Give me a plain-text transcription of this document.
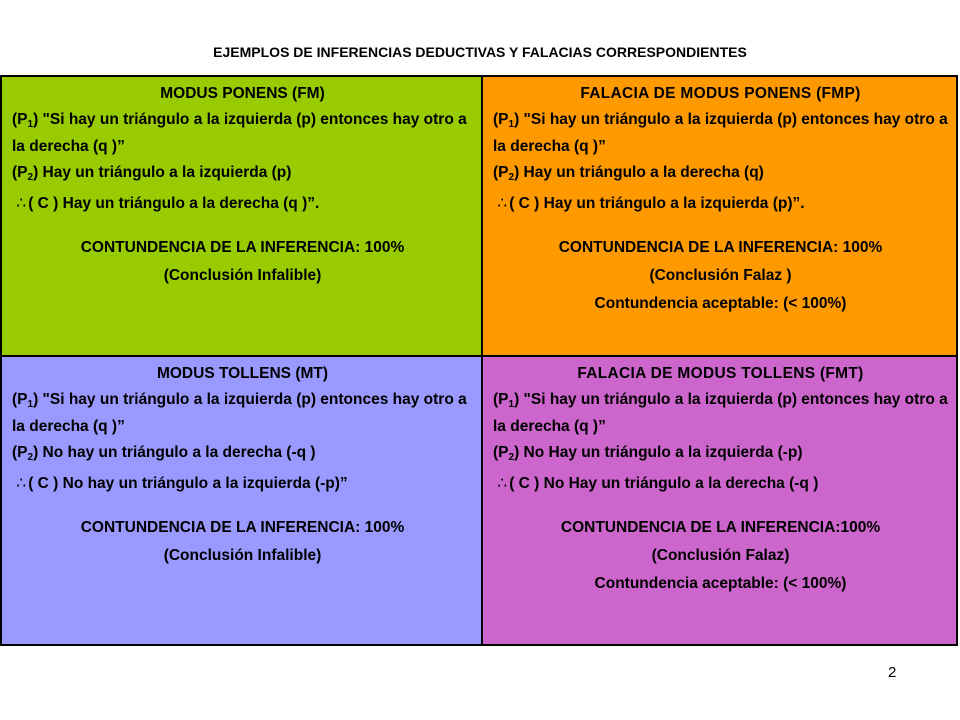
EJEMPLOS DE INFERENCIAS DEDUCTIVAS Y FALACIAS CORRESPONDIENTES
MODUS PONENS (FM)
$(P_1)$ "Si hay un triángulo a la izquierda (p) entonces hay otro a la derecha (q )”
$(P_2)$ Hay un triángulo a la izquierda (p)
∴ ( C ) Hay un triángulo a la derecha (q )”.
CONTUNDENCIA DE LA INFERENCIA: 100%
(Conclusión Infalible)
FALACIA DE MODUS PONENS (FMP)
$(P_1)$ "Si hay un triángulo a la izquierda (p) entonces hay otro a la derecha (q )”
$(P_2)$ Hay un triángulo a la derecha (q)
∴ ( C ) Hay un triángulo a la izquierda (p)”.
CONTUNDENCIA DE LA INFERENCIA: 100%
(Conclusión Falaz )
Contundencia aceptable: (< 100%)
MODUS TOLLENS (MT)
$(P_1)$ "Si hay un triángulo a la izquierda (p) entonces hay otro a la derecha (q )”
$(P_2)$ No hay un triángulo a la derecha (-q )
∴ ( C ) No hay un triángulo a la izquierda (-p)”
CONTUNDENCIA DE LA INFERENCIA: 100%
(Conclusión Infalible)
FALACIA DE MODUS TOLLENS (FMT)
$(P_1)$ "Si hay un triángulo a la izquierda (p) entonces hay otro a la derecha (q )”
$(P_2)$ No Hay un triángulo a la izquierda (-p)
∴ ( C ) No Hay un triángulo a la derecha (-q )
CONTUNDENCIA DE LA INFERENCIA:100%
(Conclusión Falaz)
Contundencia aceptable: (< 100%)
2
